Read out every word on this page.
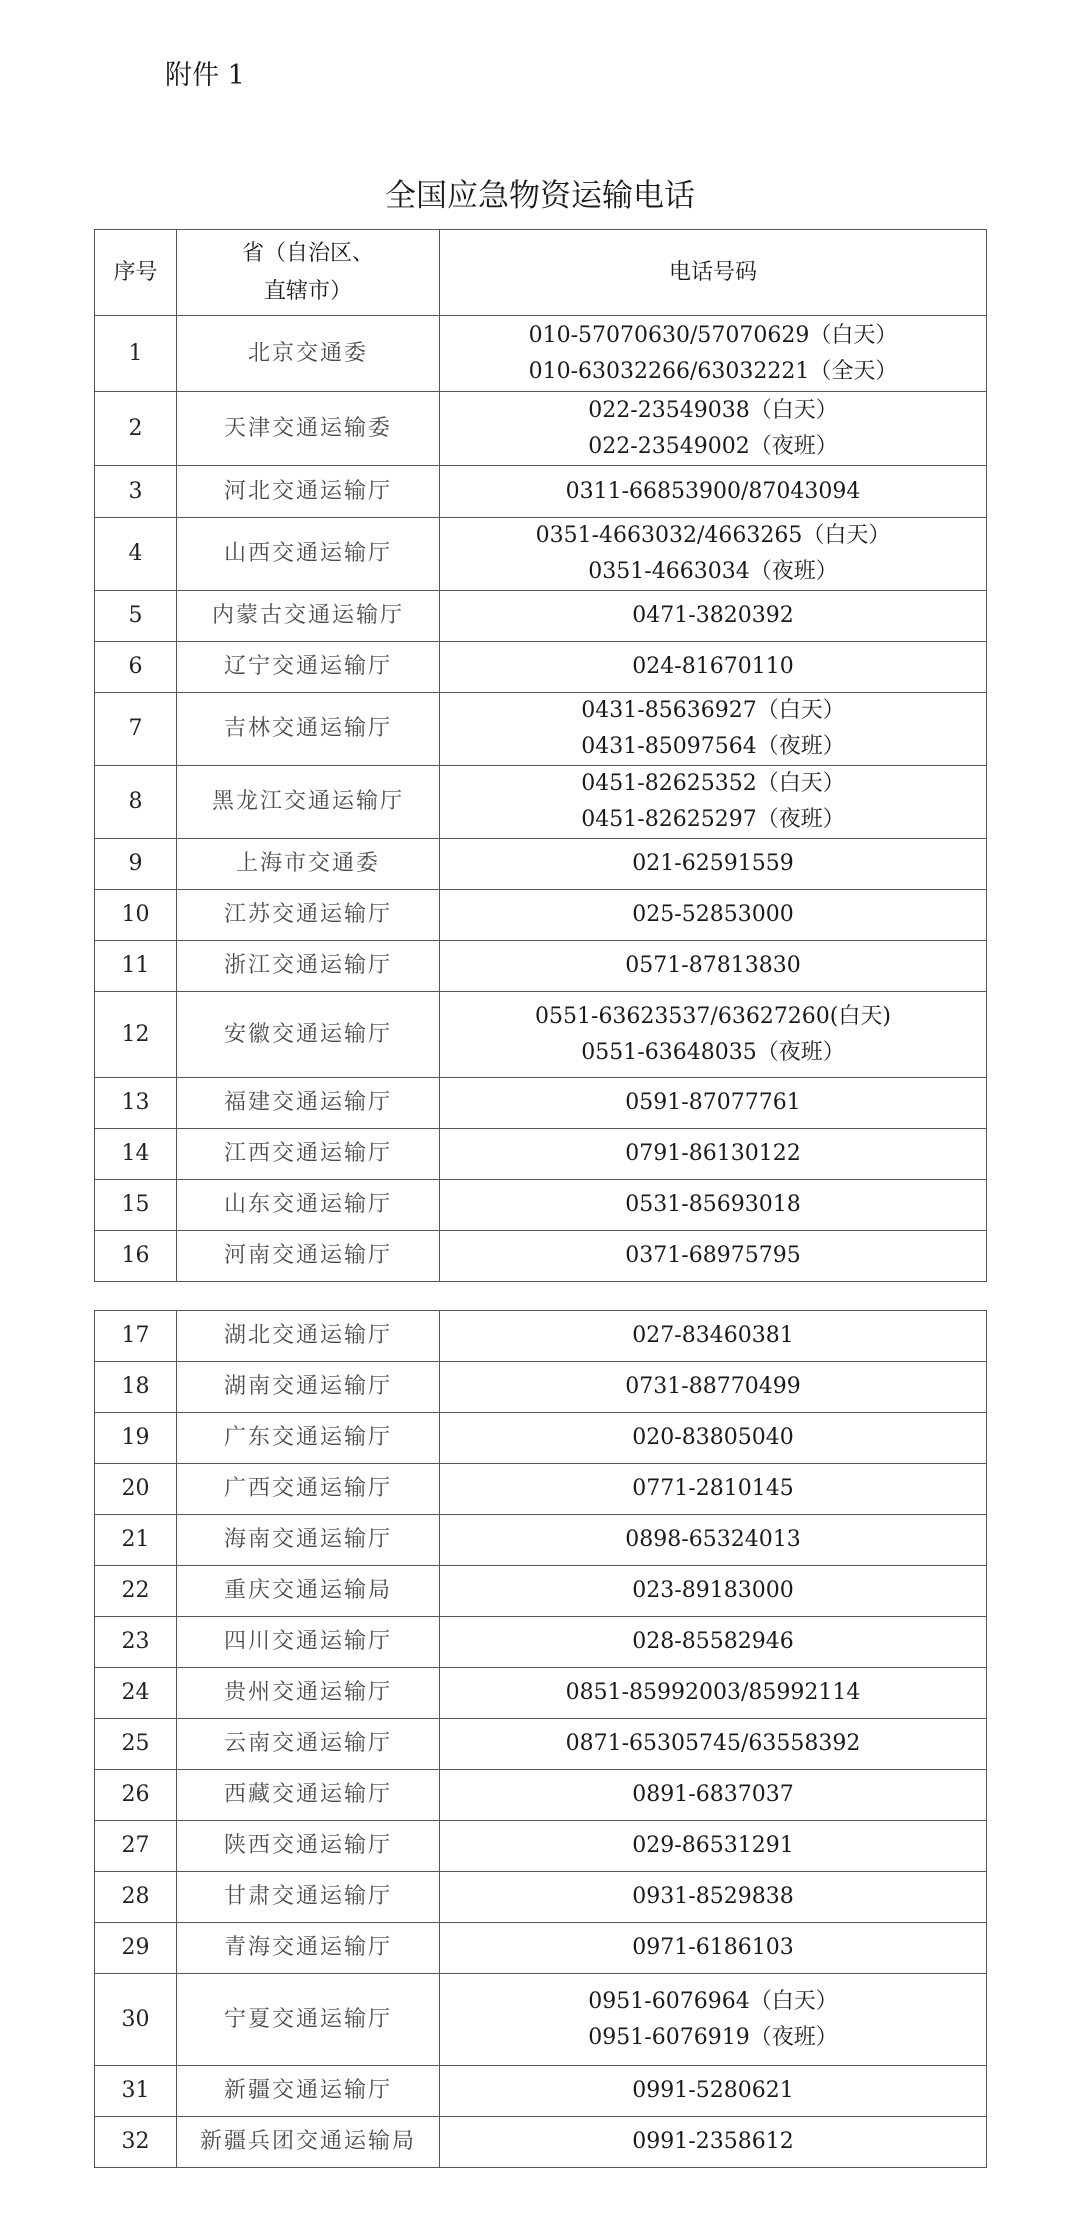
附件 1
全国应急物资运输电话
序号	省（自治区、
直辖市）	电话号码
1	北京交通委	010-57070630/57070629（白天）
010-63032266/63032221（全天）

2	天津交通运输委	022-23549038（白天）
022-23549002（夜班）

3	河北交通运输厅	0311-66853900/87043094

4	山西交通运输厅	0351-4663032/4663265（白天）
0351-4663034（夜班）

5	内蒙古交通运输厅	0471-3820392

6	辽宁交通运输厅	024-81670110

7	吉林交通运输厅	0431-85636927（白天）
0431-85097564（夜班）

8	黑龙江交通运输厅	0451-82625352（白天）
0451-82625297（夜班）

9	上海市交通委	021-62591559

10	江苏交通运输厅	025-52853000

11	浙江交通运输厅	0571-87813830

12	安徽交通运输厅	0551-63623537/63627260(白天)
0551-63648035（夜班）

13	福建交通运输厅	0591-87077761

14	江西交通运输厅	0791-86130122

15	山东交通运输厅	0531-85693018

16	河南交通运输厅	0371-68975795
17	湖北交通运输厅	027-83460381

18	湖南交通运输厅	0731-88770499

19	广东交通运输厅	020-83805040

20	广西交通运输厅	0771-2810145

21	海南交通运输厅	0898-65324013

22	重庆交通运输局	023-89183000

23	四川交通运输厅	028-85582946

24	贵州交通运输厅	0851-85992003/85992114

25	云南交通运输厅	0871-65305745/63558392

26	西藏交通运输厅	0891-6837037

27	陕西交通运输厅	029-86531291

28	甘肃交通运输厅	0931-8529838

29	青海交通运输厅	0971-6186103

30	宁夏交通运输厅	0951-6076964（白天）
0951-6076919（夜班）

31	新疆交通运输厅	0991-5280621

32	新疆兵团交通运输局	0991-2358612
